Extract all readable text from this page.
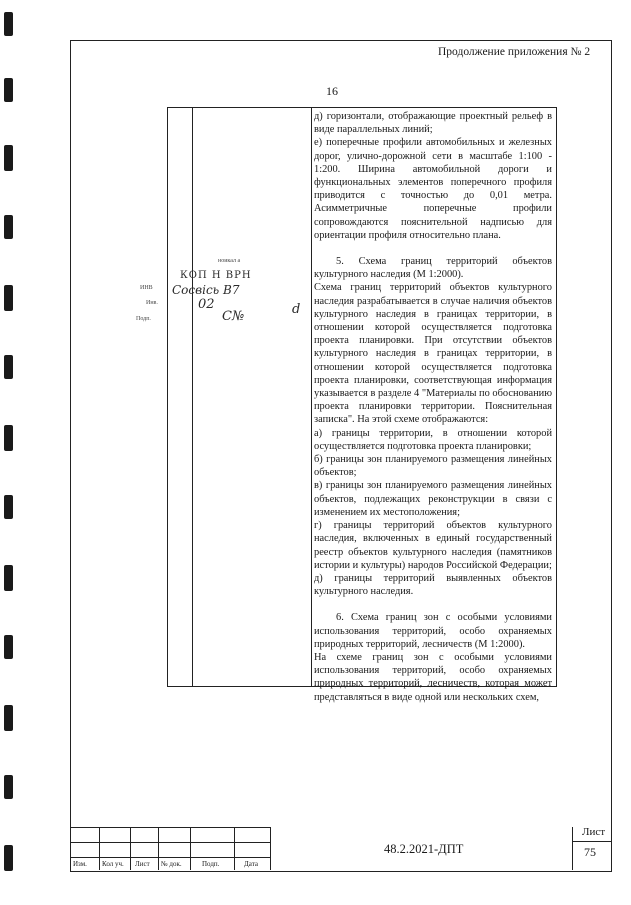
Продолжение приложения № 2
16

д) горизонтали, отображающие проектный рельеф в виде параллельных линий;

е) поперечные профили автомобильных и железных дорог, улично-дорожной сети в масштабе 1:100 - 1:200. Ширина автомобильной дороги и функциональных элементов поперечного профиля приводится с точностью до 0,01 метра. Асимметричные поперечные профили сопровождаются пояснительной надписью для ориентации профиля относительно плана.

5. Схема границ территорий объектов культурного наследия (М 1:2000).

Схема границ территорий объектов культурного наследия разрабатывается в случае наличия объектов культурного наследия в границах территории, в отношении которой осуществляется подготовка проекта планировки. При отсутствии объектов культурного наследия в границах территории, в отношении которой осуществляется подготовка проекта планировки, соответствующая информация указывается в разделе 4 "Материалы по обоснованию проекта планировки территории. Пояснительная записка". На этой схеме отображаются:

а) границы территории, в отношении которой осуществляется подготовка проекта планировки;

б) границы зон планируемого размещения линейных объектов;

в) границы зон планируемого размещения линейных объектов, подлежащих реконструкции в связи с изменением их местоположения;

г) границы территорий объектов культурного наследия, включенных в единый государственный реестр объектов культурного наследия (памятников истории и культуры) народов Российской Федерации;

д) границы территорий выявленных объектов культурного наследия.

6. Схема границ зон с особыми условиями использования территорий, особо охраняемых природных территорий, лесничеств (М 1:2000).

На схеме границ зон с особыми условиями использования территорий, особо охраняемых природных территорий, лесничеств, которая может представляться в виде одной или нескольких схем,

ноикал а
КОП Н ВРН
Сосвісь В7
02
С№	d
ИНВ
Инв.
Подп.
Изм. Кол уч. Лист № док.	Подп.	Дата
48.2.2021-ДПТ
Лист
75
